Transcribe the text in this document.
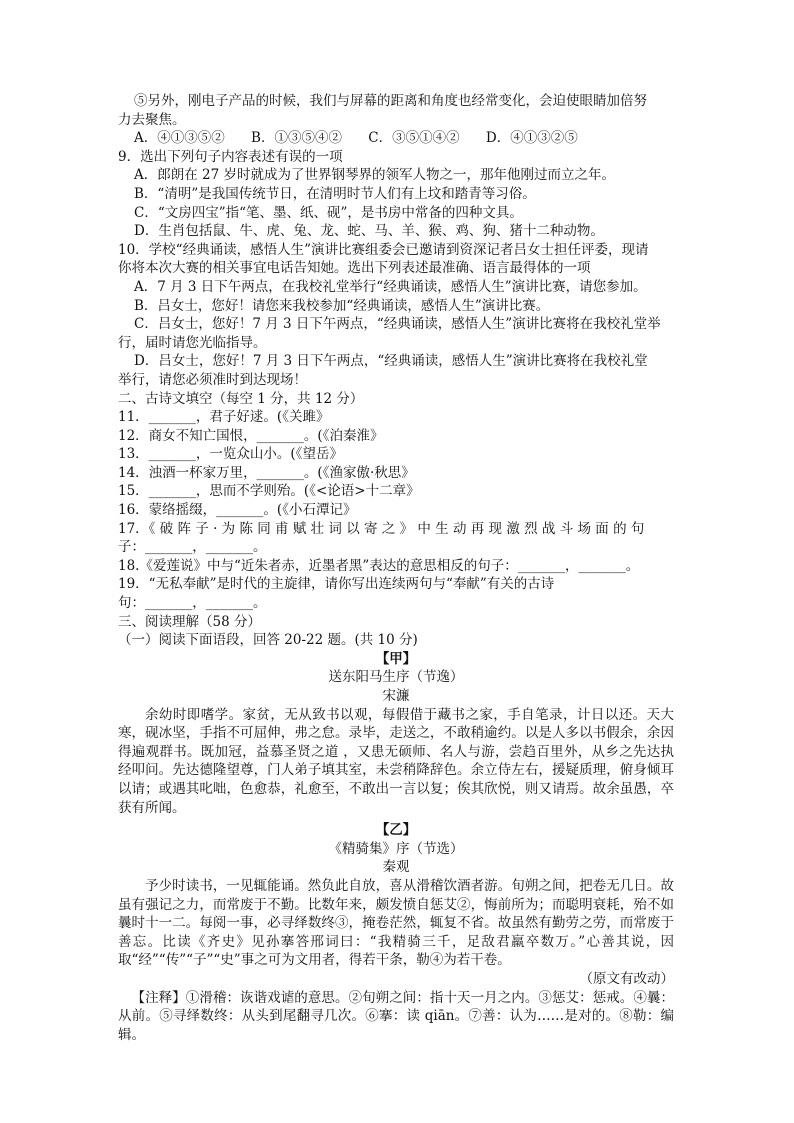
⑤另外，刚电子产品的时候，我们与屏幕的距离和角度也经常变化，会迫使眼睛加倍努
力去聚焦。
A．④①③⑤② B．①③⑤④② C．③⑤①④② D．④①③②⑤
9．选出下列句子内容表述有误的一项
A．郎朗在 27 岁时就成为了世界钢琴界的领军人物之一，那年他刚过而立之年。
B．“清明”是我国传统节日，在清明时节人们有上坟和踏青等习俗。
C．“文房四宝”指“笔、墨、纸、砚”，是书房中常备的四种文具。
D．生肖包括鼠、牛、虎、兔、龙、蛇、马、羊、猴、鸡、狗、猪十二种动物。
10．学校“经典诵读，感悟人生”演讲比赛组委会已邀请到资深记者吕女士担任评委，现请
你将本次大赛的相关事宜电话告知她。选出下列表述最准确、语言最得体的一项
A．7 月 3 日下午两点，在我校礼堂举行“经典诵读，感悟人生”演讲比赛，请您参加。
B．吕女士，您好！请您来我校参加“经典诵读，感悟人生”演讲比赛。
C．吕女士，您好！7 月 3 日下午两点，“经典诵读，感悟人生”演讲比赛将在我校礼堂举
行，届时请您光临指导。
D．吕女士，您好！7 月 3 日下午两点，“经典诵读，感悟人生”演讲比赛将在我校礼堂
举行，请您必须准时到达现场！
二、古诗文填空（每空 1 分，共 12 分）
11．_______，君子好逑。(《关雎》
12．商女不知亡国恨，_______。(《泊秦淮》
13．_______，一览众山小。(《望岳》
14．浊酒一杯家万里，_______。(《渔家傲·秋思》
15．_______，思而不学则殆。(《<论语>十二章》
16．蒙络摇缀，_______。(《小石潭记》
17．《 破 阵 子 · 为 陈 同 甫 赋 壮 词 以 寄 之 》 中 生 动 再 现 激 烈 战 斗 场 面 的 句
子：_______，_______。
18.《爱莲说》中与“近朱者赤，近墨者黑”表达的意思相反的句子：_______，_______。
19．“无私奉献”是时代的主旋律，请你写出连续两句与“奉献”有关的古诗
句：_______，_______。
三、阅读理解（58 分）
（一）阅读下面语段，回答 20-22 题。(共 10 分)
【甲】
送东阳马生序（节逸）
宋濂

余幼时即嗜学。家贫，无从致书以观，每假借于藏书之家，手自笔录，计日以还。天大寒，砚冰坚，手指不可屈伸，弗之怠。录毕，走送之，不敢稍逾约。以是人多以书假余，余因得遍观群书。既加冠，益慕圣贤之道 ，又患无硕师、名人与游，尝趋百里外，从乡之先达执经叩问。先达德隆望尊，门人弟子填其室，未尝稍降辞色。余立侍左右，援疑质理，俯身倾耳以请；或遇其叱咄，色愈恭，礼愈至，不敢出一言以复；俟其欣悦，则又请焉。故余虽愚，卒获有所闻。

【乙】
《精骑集》序（节选）
秦观

予少时读书，一见辄能诵。然负此自放，喜从滑稽饮酒者游。旬朔之间，把卷无几日。故虽有强记之力，而常废于不勤。比数年来，颇发愤自惩艾②，悔前所为；而聪明衰耗，殆不如曩时十一二。每阅一事，必寻绎数终③，掩卷茫然，辄复不省。故虽然有勤劳之劳，而常废于善忘。比读《齐史》见孙搴答邢词曰：“我精骑三千，足敌君羸卒数万。”心善其说，因取“经”“传”“子”“史”事之可为文用者，得若干条，勒④为若干卷。

（原文有改动）

【注释】①滑稽：诙谐戏谑的意思。②旬朔之间：指十天一月之内。③惩艾：惩戒。④曩：从前。⑤寻绎数终：从头到尾翻寻几次。⑥搴：读 qiān。⑦善：认为……是对的。⑧勒：编辑。
